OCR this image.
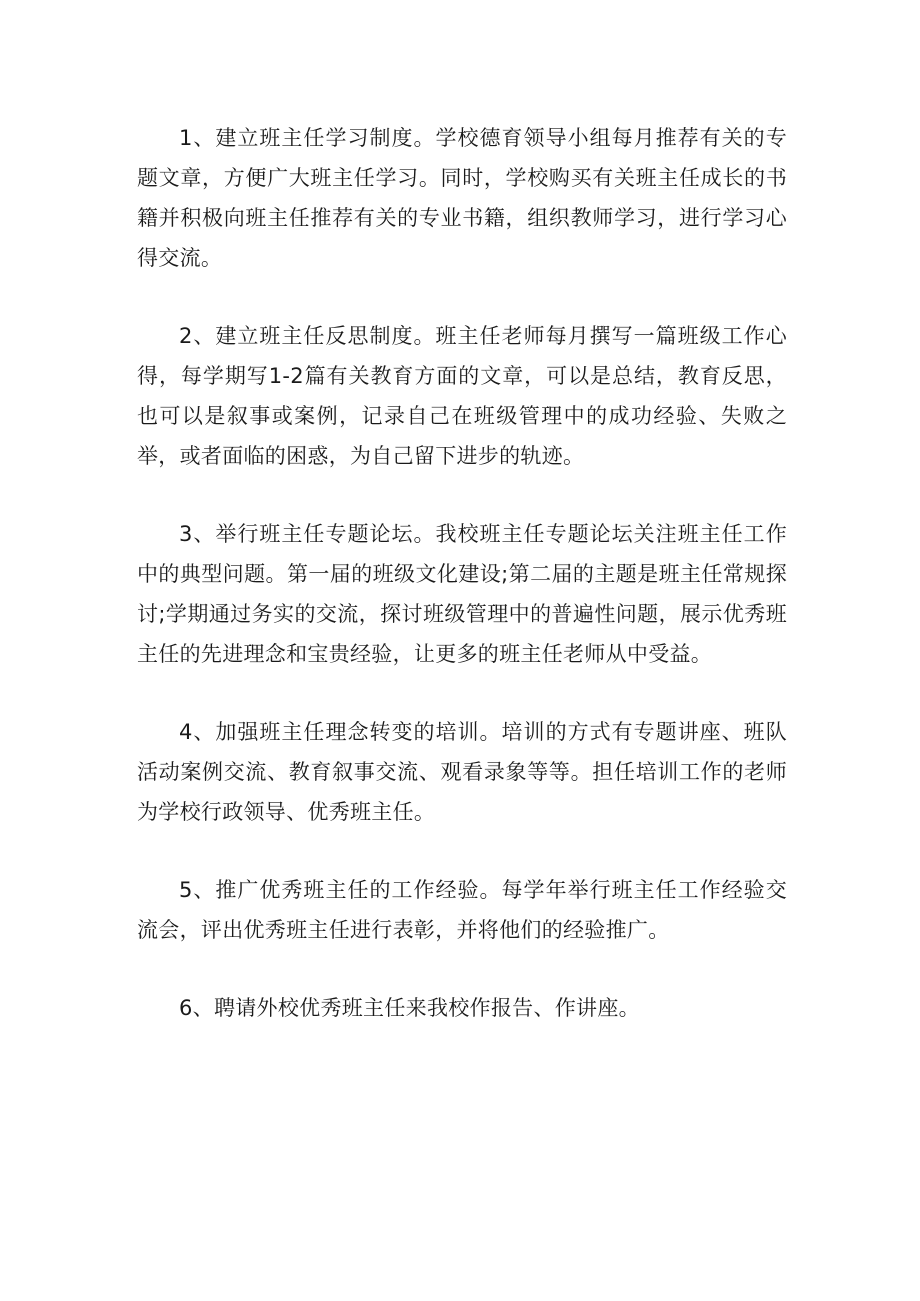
1、建立班主任学习制度。学校德育领导小组每月推荐有关的专题文章，方便广大班主任学习。同时，学校购买有关班主任成长的书籍并积极向班主任推荐有关的专业书籍，组织教师学习，进行学习心得交流。

2、建立班主任反思制度。班主任老师每月撰写一篇班级工作心得，每学期写1-2篇有关教育方面的文章，可以是总结，教育反思，也可以是叙事或案例，记录自己在班级管理中的成功经验、失败之举，或者面临的困惑，为自己留下进步的轨迹。

3、举行班主任专题论坛。我校班主任专题论坛关注班主任工作中的典型问题。第一届的班级文化建设;第二届的主题是班主任常规探讨;学期通过务实的交流，探讨班级管理中的普遍性问题，展示优秀班主任的先进理念和宝贵经验，让更多的班主任老师从中受益。

4、加强班主任理念转变的培训。培训的方式有专题讲座、班队活动案例交流、教育叙事交流、观看录象等等。担任培训工作的老师为学校行政领导、优秀班主任。

5、推广优秀班主任的工作经验。每学年举行班主任工作经验交流会，评出优秀班主任进行表彰，并将他们的经验推广。

6、聘请外校优秀班主任来我校作报告、作讲座。
